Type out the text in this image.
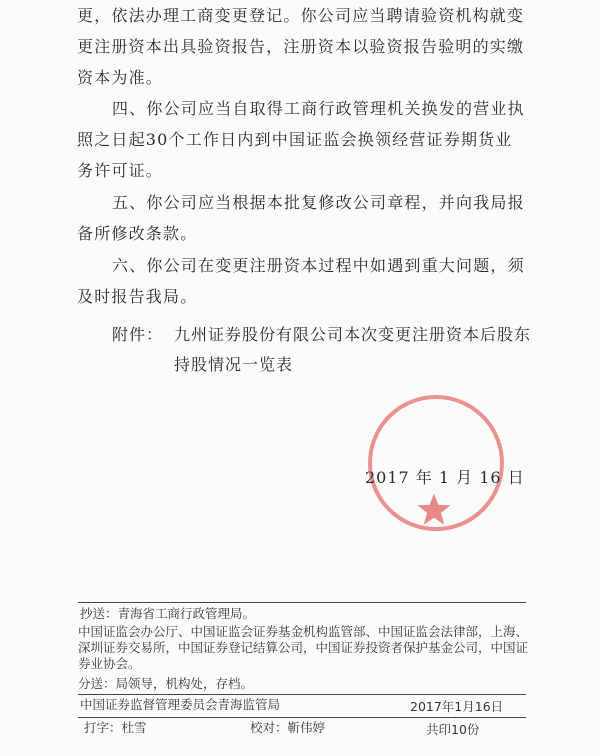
更，依法办理工商变更登记。你公司应当聘请验资机构就变更注册资本出具验资报告，注册资本以验资报告验明的实缴资本为准。

四、你公司应当自取得工商行政管理机关换发的营业执照之日起30个工作日内到中国证监会换领经营证券期货业务许可证。

五、你公司应当根据本批复修改公司章程，并向我局报备所修改条款。

六、你公司在变更注册资本过程中如遇到重大问题，须及时报告我局。

附件： 九州证券股份有限公司本次变更注册资本后股东持股情况一览表
2017 年 1 月 16 日
抄送：青海省工商行政管理局。
中国证监会办公厅、中国证监会证券基金机构监管部、中国证监会法律部，上海、深圳证券交易所，中国证券登记结算公司，中国证券投资者保护基金公司，中国证券业协会。
分送：局领导，机构处，存档。
中国证券监督管理委员会青海监管局	2017年1月16日
打字：杜雪	校对：靳伟婷	共印10份
